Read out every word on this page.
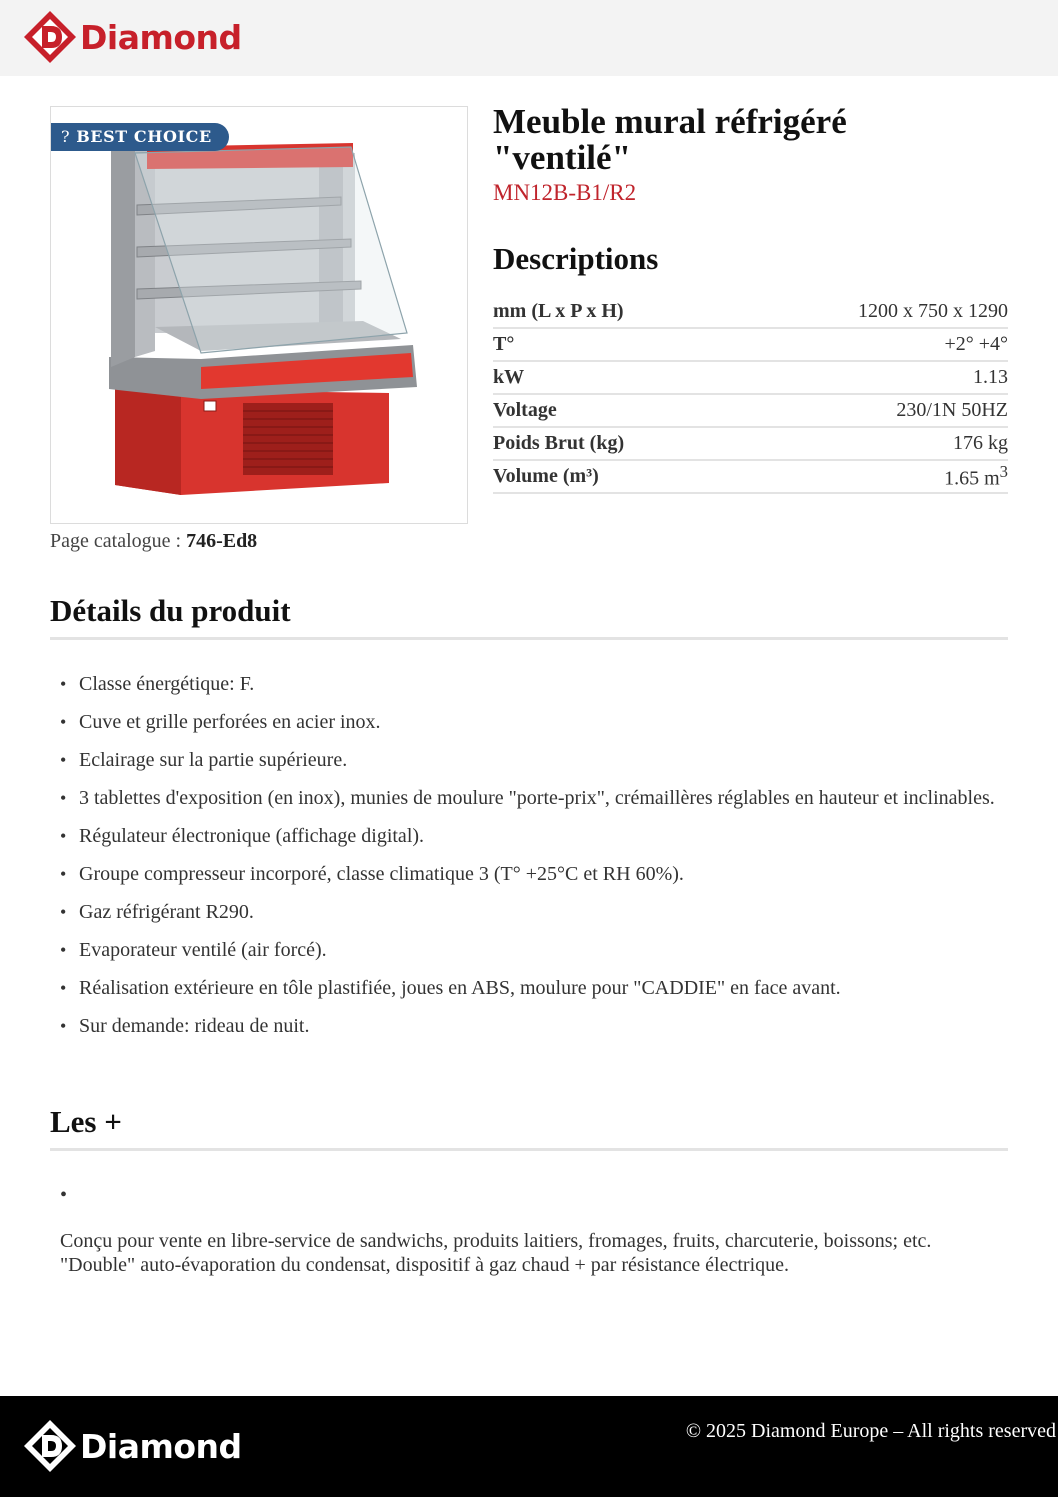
Diamond
? BEST CHOICE
Page catalogue : 746-Ed8
Meuble mural réfrigéré
"ventilé"
MN12B-B1/R2
Descriptions
mm (L x P x H)	1200 x 750 x 1290
T°	+2° +4°
kW	1.13
Voltage	230/1N 50HZ
Poids Brut (kg)	176 kg
Volume (m³)	1.65 $m^3$
Détails du produit
• Classe énergétique: F.
• Cuve et grille perforées en acier inox.
• Eclairage sur la partie supérieure.
• 3 tablettes d'exposition (en inox), munies de moulure "porte-prix", crémaillères réglables en hauteur et inclinables.
• Régulateur électronique (affichage digital).
• Groupe compresseur incorporé, classe climatique 3 (T° +25°C et RH 60%).
• Gaz réfrigérant R290.
• Evaporateur ventilé (air forcé).
• Réalisation extérieure en tôle plastifiée, joues en ABS, moulure pour "CADDIE" en face avant.
• Sur demande: rideau de nuit.
Les +
•
Conçu pour vente en libre-service de sandwichs, produits laitiers, fromages, fruits, charcuterie, boissons; etc.
"Double" auto-évaporation du condensat, dispositif à gaz chaud + par résistance électrique.
Diamond	© 2025 Diamond Europe – All rights reserved
